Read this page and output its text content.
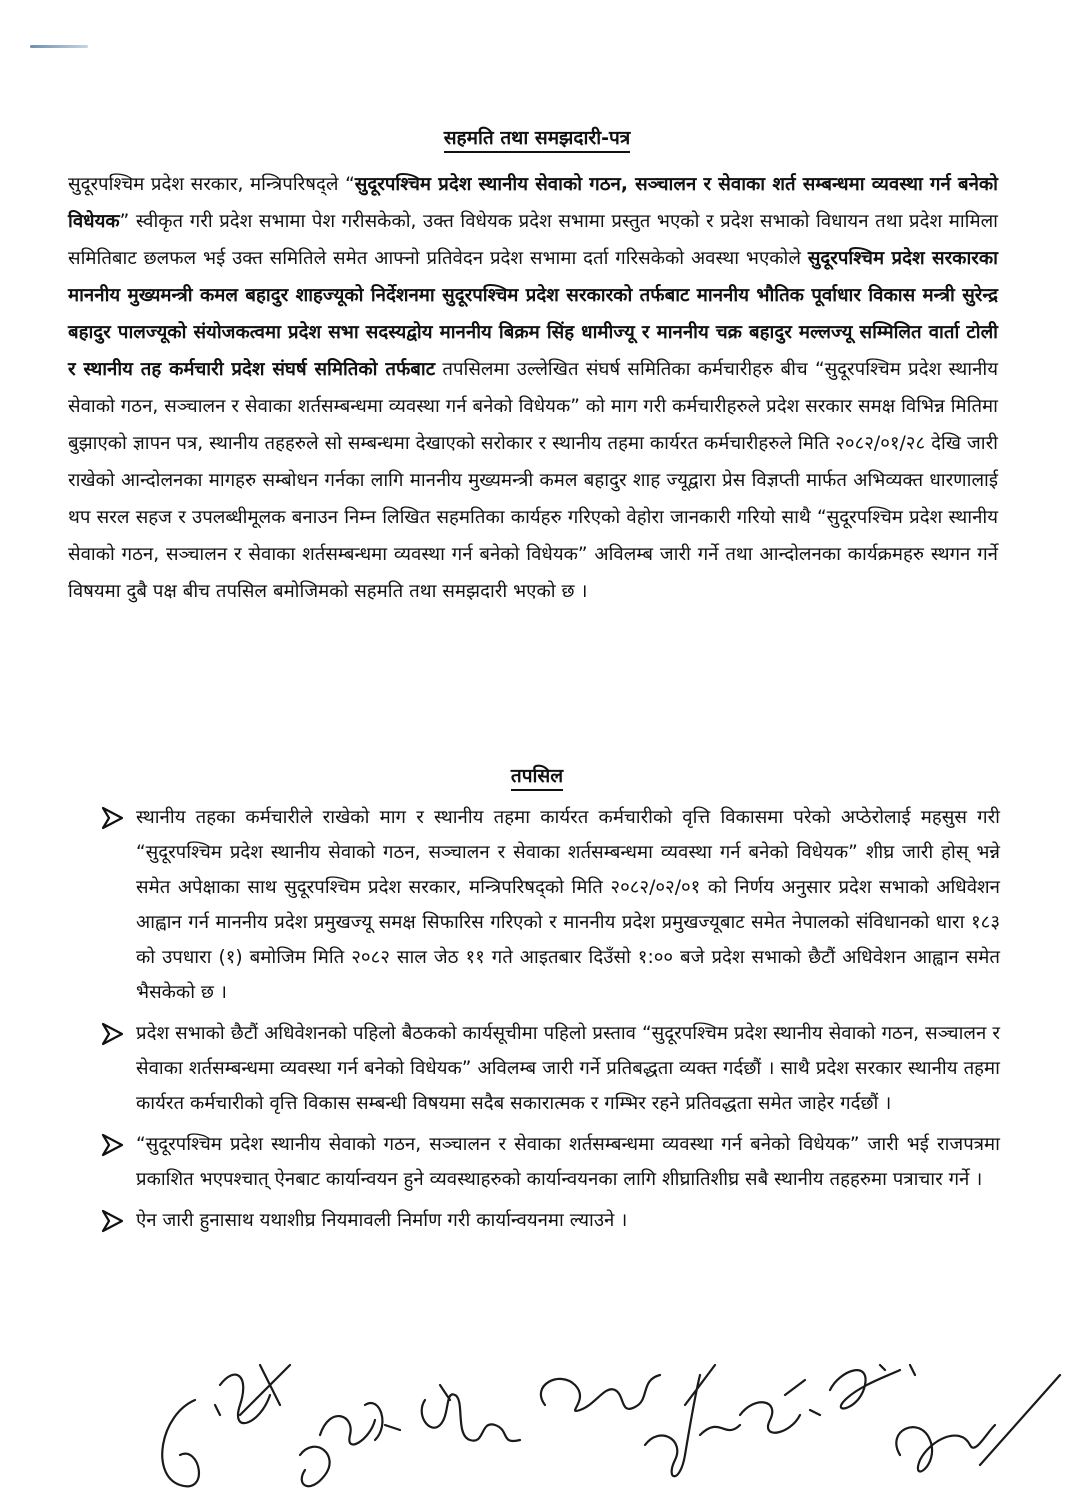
सहमति तथा समझदारी-पत्र

सुदूरपश्चिम प्रदेश सरकार, मन्त्रिपरिषद्ले “सुदूरपश्चिम प्रदेश स्थानीय सेवाको गठन, सञ्चालन र सेवाका शर्त सम्बन्धमा व्यवस्था गर्न बनेको विधेयक” स्वीकृत गरी प्रदेश सभामा पेश गरीसकेको, उक्त विधेयक प्रदेश सभामा प्रस्तुत भएको र प्रदेश सभाको विधायन तथा प्रदेश मामिला समितिबाट छलफल भई उक्त समितिले समेत आफ्नो प्रतिवेदन प्रदेश सभामा दर्ता गरिसकेको अवस्था भएकोले सुदूरपश्चिम प्रदेश सरकारका माननीय मुख्यमन्त्री कमल बहादुर शाहज्यूको निर्देशनमा सुदूरपश्चिम प्रदेश सरकारको तर्फबाट माननीय भौतिक पूर्वाधार विकास मन्त्री सुरेन्द्र बहादुर पालज्यूको संयोजकत्वमा प्रदेश सभा सदस्यद्वोय माननीय बिक्रम सिंह धामीज्यू र माननीय चक्र बहादुर मल्लज्यू सम्मिलित वार्ता टोली र स्थानीय तह कर्मचारी प्रदेश संघर्ष समितिको तर्फबाट तपसिलमा उल्लेखित संघर्ष समितिका कर्मचारीहरु बीच “सुदूरपश्चिम प्रदेश स्थानीय सेवाको गठन, सञ्चालन र सेवाका शर्तसम्बन्धमा व्यवस्था गर्न बनेको विधेयक” को माग गरी कर्मचारीहरुले प्रदेश सरकार समक्ष विभिन्न मितिमा बुझाएको ज्ञापन पत्र, स्थानीय तहहरुले सो सम्बन्धमा देखाएको सरोकार र स्थानीय तहमा कार्यरत कर्मचारीहरुले मिति २०८२/०१/२८ देखि जारी राखेको आन्दोलनका मागहरु सम्बोधन गर्नका लागि माननीय मुख्यमन्त्री कमल बहादुर शाह ज्यूद्वारा प्रेस विज्ञप्ती मार्फत अभिव्यक्त धारणालाई थप सरल सहज र उपलब्धीमूलक बनाउन निम्न लिखित सहमतिका कार्यहरु गरिएको वेहोरा जानकारी गरियो साथै “सुदूरपश्चिम प्रदेश स्थानीय सेवाको गठन, सञ्चालन र सेवाका शर्तसम्बन्धमा व्यवस्था गर्न बनेको विधेयक” अविलम्ब जारी गर्ने तथा आन्दोलनका कार्यक्रमहरु स्थगन गर्ने विषयमा दुबै पक्ष बीच तपसिल बमोजिमको सहमति तथा समझदारी भएको छ ।

तपसिल

स्थानीय तहका कर्मचारीले राखेको माग र स्थानीय तहमा कार्यरत कर्मचारीको वृत्ति विकासमा परेको अप्ठेरोलाई महसुस गरी “सुदूरपश्चिम प्रदेश स्थानीय सेवाको गठन, सञ्चालन र सेवाका शर्तसम्बन्धमा व्यवस्था गर्न बनेको विधेयक” शीघ्र जारी होस् भन्ने समेत अपेक्षाका साथ सुदूरपश्चिम प्रदेश सरकार, मन्त्रिपरिषद्को मिति २०८२/०२/०१ को निर्णय अनुसार प्रदेश सभाको अधिवेशन आह्वान गर्न माननीय प्रदेश प्रमुखज्यू समक्ष सिफारिस गरिएको र माननीय प्रदेश प्रमुखज्यूबाट समेत नेपालको संविधानको धारा १८३ को उपधारा (१) बमोजिम मिति २०८२ साल जेठ ११ गते आइतबार दिउँसो १:०० बजे प्रदेश सभाको छैटौं अधिवेशन आह्वान समेत भैसकेको छ ।

प्रदेश सभाको छैटौं अधिवेशनको पहिलो बैठकको कार्यसूचीमा पहिलो प्रस्ताव “सुदूरपश्चिम प्रदेश स्थानीय सेवाको गठन, सञ्चालन र सेवाका शर्तसम्बन्धमा व्यवस्था गर्न बनेको विधेयक” अविलम्ब जारी गर्ने प्रतिबद्धता व्यक्त गर्दछौं । साथै प्रदेश सरकार स्थानीय तहमा कार्यरत कर्मचारीको वृत्ति विकास सम्बन्धी विषयमा सदैब सकारात्मक र गम्भिर रहने प्रतिवद्धता समेत जाहेर गर्दछौं ।

“सुदूरपश्चिम प्रदेश स्थानीय सेवाको गठन, सञ्चालन र सेवाका शर्तसम्बन्धमा व्यवस्था गर्न बनेको विधेयक” जारी भई राजपत्रमा प्रकाशित भएपश्चात् ऐनबाट कार्यान्वयन हुने व्यवस्थाहरुको कार्यान्वयनका लागि शीघ्रातिशीघ्र सबै स्थानीय तहहरुमा पत्राचार गर्ने ।

ऐन जारी हुनासाथ यथाशीघ्र नियमावली निर्माण गरी कार्यान्वयनमा ल्याउने ।
